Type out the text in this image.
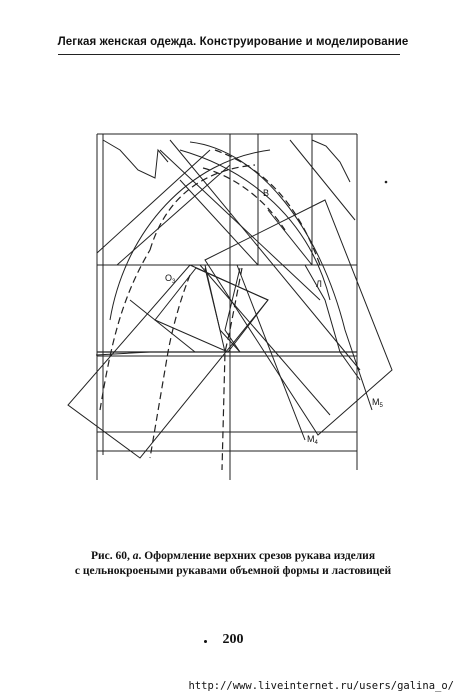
Легкая женская одежда. Конструирование и моделирование
В
$О_3$	Л
$М_5$
$М_4$
Рис. 60, а. Оформление верхних срезов рукава изделия
с цельнокроеными рукавами объемной формы и ластовицей
200
http://www.liveinternet.ru/users/galina_o/
